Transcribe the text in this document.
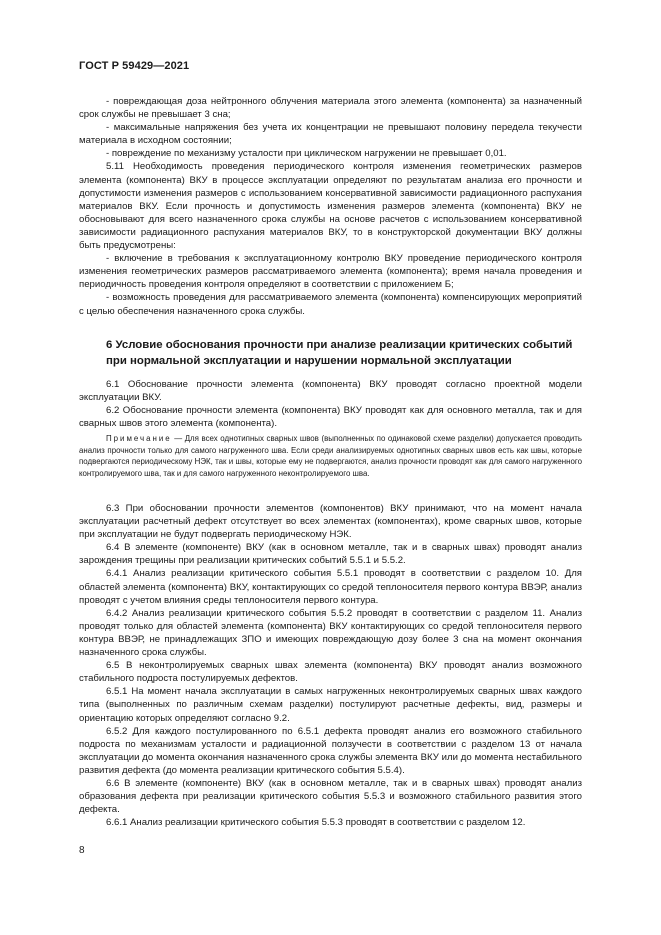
ГОСТ Р 59429—2021

- повреждающая доза нейтронного облучения материала этого элемента (компонента) за назначенный срок службы не превышает 3 сна;

- максимальные напряжения без учета их концентрации не превышают половину передела текучести материала в исходном состоянии;

- повреждение по механизму усталости при циклическом нагружении не превышает 0,01.

5.11 Необходимость проведения периодического контроля изменения геометрических размеров элемента (компонента) ВКУ в процессе эксплуатации определяют по результатам анализа его прочности и допустимости изменения размеров с использованием консервативной зависимости радиационного распухания материалов ВКУ. Если прочность и допустимость изменения размеров элемента (компонента) ВКУ не обосновывают для всего назначенного срока службы на основе расчетов с использованием консервативной зависимости радиационного распухания материалов ВКУ, то в конструкторской документации ВКУ должны быть предусмотрены:

- включение в требования к эксплуатационному контролю ВКУ проведение периодического контроля изменения геометрических размеров рассматриваемого элемента (компонента); время начала проведения и периодичность проведения контроля определяют в соответствии с приложением Б;

- возможность проведения для рассматриваемого элемента (компонента) компенсирующих мероприятий с целью обеспечения назначенного срока службы.

6 Условие обоснования прочности при анализе реализации критических событий при нормальной эксплуатации и нарушении нормальной эксплуатации

6.1 Обоснование прочности элемента (компонента) ВКУ проводят согласно проектной модели эксплуатации ВКУ.

6.2 Обоснование прочности элемента (компонента) ВКУ проводят как для основного металла, так и для сварных швов этого элемента (компонента).

Примечание — Для всех однотипных сварных швов (выполненных по одинаковой схеме разделки) допускается проводить анализ прочности только для самого нагруженного шва. Если среди анализируемых однотипных сварных швов есть как швы, которые подвергаются периодическому НЭК, так и швы, которые ему не подвергаются, анализ прочности проводят как для самого нагруженного контролируемого шва, так и для самого нагруженного неконтролируемого шва.

6.3 При обосновании прочности элементов (компонентов) ВКУ принимают, что на момент начала эксплуатации расчетный дефект отсутствует во всех элементах (компонентах), кроме сварных швов, которые при эксплуатации не будут подвергать периодическому НЭК.

6.4 В элементе (компоненте) ВКУ (как в основном металле, так и в сварных швах) проводят анализ зарождения трещины при реализации критических событий 5.5.1 и 5.5.2.

6.4.1 Анализ реализации критического события 5.5.1 проводят в соответствии с разделом 10. Для областей элемента (компонента) ВКУ, контактирующих со средой теплоносителя первого контура ВВЭР, анализ проводят с учетом влияния среды теплоносителя первого контура.

6.4.2 Анализ реализации критического события 5.5.2 проводят в соответствии с разделом 11. Анализ проводят только для областей элемента (компонента) ВКУ контактирующих со средой теплоносителя первого контура ВВЭР, не принадлежащих ЗПО и имеющих повреждающую дозу более 3 сна на момент окончания назначенного срока службы.

6.5 В неконтролируемых сварных швах элемента (компонента) ВКУ проводят анализ возможного стабильного подроста постулируемых дефектов.

6.5.1 На момент начала эксплуатации в самых нагруженных неконтролируемых сварных швах каждого типа (выполненных по различным схемам разделки) постулируют расчетные дефекты, вид, размеры и ориентацию которых определяют согласно 9.2.

6.5.2 Для каждого постулированного по 6.5.1 дефекта проводят анализ его возможного стабильного подроста по механизмам усталости и радиационной ползучести в соответствии с разделом 13 от начала эксплуатации до момента окончания назначенного срока службы элемента ВКУ или до момента нестабильного развития дефекта (до момента реализации критического события 5.5.4).

6.6 В элементе (компоненте) ВКУ (как в основном металле, так и в сварных швах) проводят анализ образования дефекта при реализации критического события 5.5.3 и возможного стабильного развития этого дефекта.

6.6.1 Анализ реализации критического события 5.5.3 проводят в соответствии с разделом 12.

8
